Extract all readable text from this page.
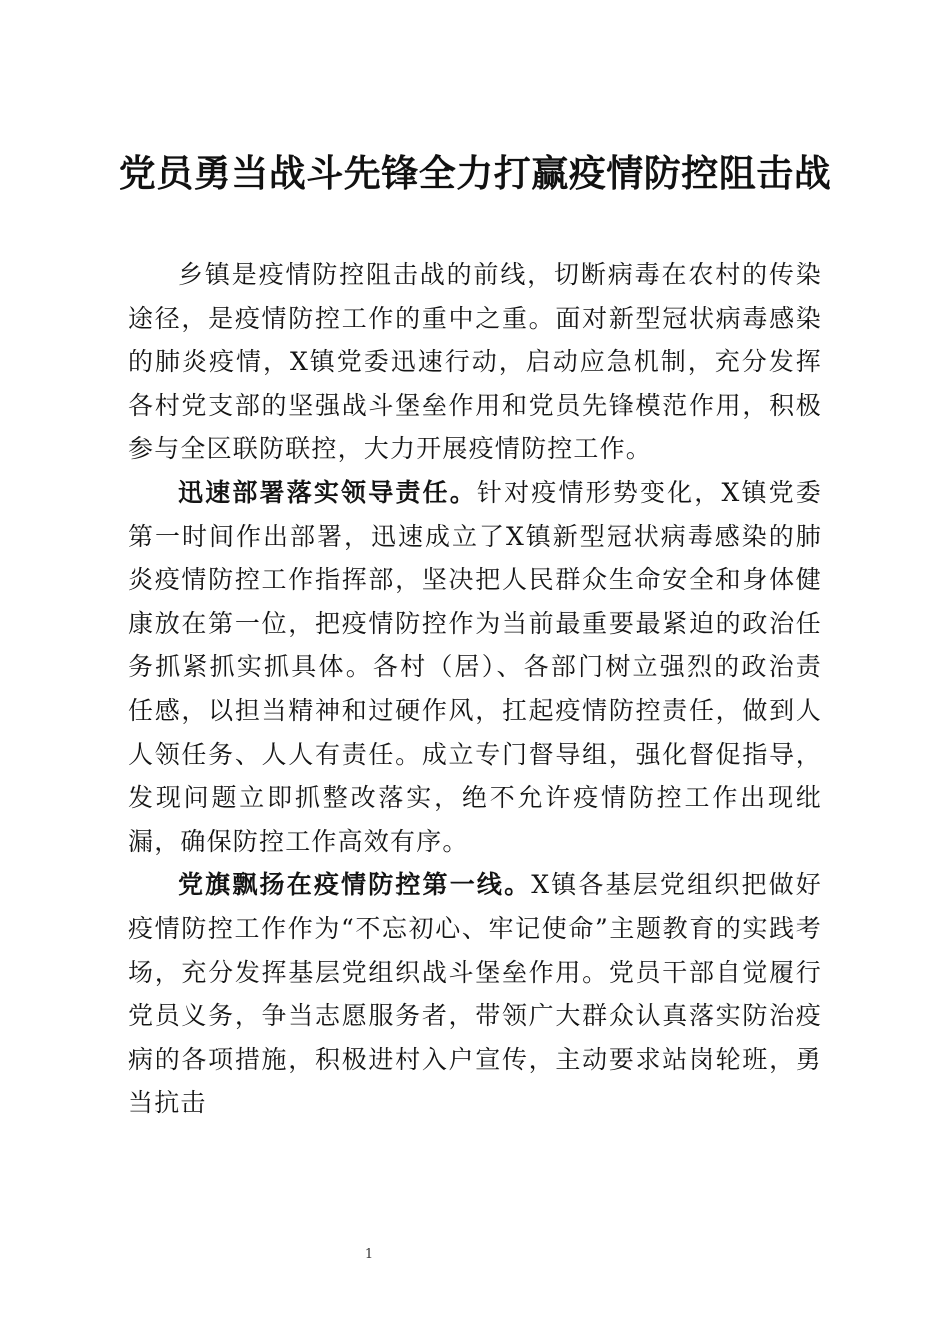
党员勇当战斗先锋全力打赢疫情防控阻击战

乡镇是疫情防控阻击战的前线，切断病毒在农村的传染途径，是疫情防控工作的重中之重。面对新型冠状病毒感染的肺炎疫情，X镇党委迅速行动，启动应急机制，充分发挥各村党支部的坚强战斗堡垒作用和党员先锋模范作用，积极参与全区联防联控，大力开展疫情防控工作。

迅速部署落实领导责任。针对疫情形势变化，X镇党委第一时间作出部署，迅速成立了X镇新型冠状病毒感染的肺炎疫情防控工作指挥部，坚决把人民群众生命安全和身体健康放在第一位，把疫情防控作为当前最重要最紧迫的政治任务抓紧抓实抓具体。各村（居）、各部门树立强烈的政治责任感，以担当精神和过硬作风，扛起疫情防控责任，做到人人领任务、人人有责任。成立专门督导组，强化督促指导，发现问题立即抓整改落实，绝不允许疫情防控工作出现纰漏，确保防控工作高效有序。

党旗飘扬在疫情防控第一线。X镇各基层党组织把做好疫情防控工作作为“不忘初心、牢记使命”主题教育的实践考场，充分发挥基层党组织战斗堡垒作用。党员干部自觉履行党员义务，争当志愿服务者，带领广大群众认真落实防治疫病的各项措施，积极进村入户宣传，主动要求站岗轮班，勇当抗击

1
